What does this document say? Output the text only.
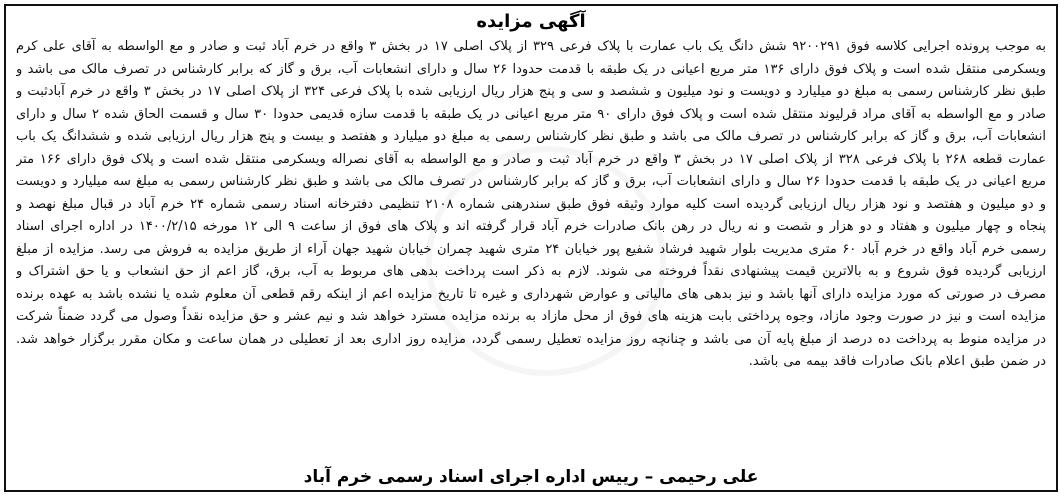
آگهی مزایده
به موجب پرونده اجرایی کلاسه فوق ۹۲۰۰۲۹۱ شش دانگ یک باب عمارت با پلاک فرعی ۳۲۹ از پلاک اصلی ۱۷ در بخش ۳ واقع در خرم آباد ثبت و صادر و مع الواسطه به آقای علی کرم ویسکرمی منتقل شده است و پلاک فوق دارای ۱۳۶ متر مربع اعیانی در یک طبقه با قدمت حدودا ۲۶ سال و دارای انشعابات آب، برق و گاز که برابر کارشناس در تصرف مالک می باشد و طبق نظر کارشناس رسمی به مبلغ دو میلیارد و دویست و نود میلیون و ششصد و سی و پنج هزار ریال ارزیابی شده با پلاک فرعی ۳۲۴ از پلاک اصلی ۱۷ در بخش ۳ واقع در خرم آبادثبت و صادر و مع الواسطه به آقای مراد قرلیوند منتقل شده است و پلاک فوق دارای ۹۰ متر مربع اعیانی در یک طبقه با قدمت سازه قدیمی حدودا ۳۰ سال و قسمت الحاق شده ۲ سال و دارای انشعابات آب، برق و گاز که برابر کارشناس در تصرف مالک می باشد و طبق نظر کارشناس رسمی به مبلغ دو میلیارد و هفتصد و بیست و پنج هزار ریال ارزیابی شده و ششدانگ یک باب عمارت قطعه ۲۶۸ با پلاک فرعی ۳۲۸ از پلاک اصلی ۱۷ در بخش ۳ واقع در خرم آباد ثبت و صادر و مع الواسطه به آقای نصراله ویسکرمی منتقل شده است و پلاک فوق دارای ۱۶۶ متر مربع اعیانی در یک طبقه با قدمت حدودا ۲۶ سال و دارای انشعابات آب، برق و گاز که برابر کارشناس در تصرف مالک می باشد و طبق نظر کارشناس رسمی به مبلغ سه میلیارد و دویست و دو میلیون و هفتصد و نود هزار ریال ارزیابی گردیده است کلیه موارد وثیقه فوق طبق سندرهنی شماره ۲۱۰۸ تنظیمی دفترخانه اسناد رسمی شماره ۲۴ خرم آباد در قبال مبلغ نهصد و پنجاه و چهار میلیون و هفتاد و دو هزار و شصت و نه ریال در رهن بانک صادرات خرم آباد قرار گرفته اند و پلاک های فوق از ساعت ۹ الی ۱۲ مورخه ۱۴۰۰/۲/۱۵ در اداره اجرای اسناد رسمی خرم آباد واقع در خرم آباد ۶۰ متری مدیریت بلوار شهید فرشاد شفیع پور خیابان ۲۴ متری شهید چمران خیابان شهید جهان آراء از طریق مزایده به فروش می رسد. مزایده از مبلغ ارزیابی گردیده فوق شروع و به بالاترین قیمت پیشنهادی نقداً فروخته می شوند. لازم به ذکر است پرداخت بدهی های مربوط به آب، برق، گاز اعم از حق انشعاب و یا حق اشتراک و مصرف در صورتی که مورد مزایده دارای آنها باشد و نیز بدهی های مالیاتی و عوارض شهرداری و غیره تا تاریخ مزایده اعم از اینکه رقم قطعی آن معلوم شده یا نشده باشد به عهده برنده مزایده است و نیز در صورت وجود مازاد، وجوه پرداختی بابت هزینه های فوق از محل مازاد به برنده مزایده مسترد خواهد شد و نیم عشر و حق مزایده نقداً وصول می گردد ضمناً شرکت در مزایده منوط به پرداخت ده درصد از مبلغ پایه آن می باشد و چنانچه روز مزایده تعطیل رسمی گردد، مزایده روز اداری بعد از تعطیلی در همان ساعت و مکان مقرر برگزار خواهد شد. در ضمن طبق اعلام بانک صادرات فاقد بیمه می باشد.
علی رحیمی – رییس اداره اجرای اسناد رسمی خرم آباد
